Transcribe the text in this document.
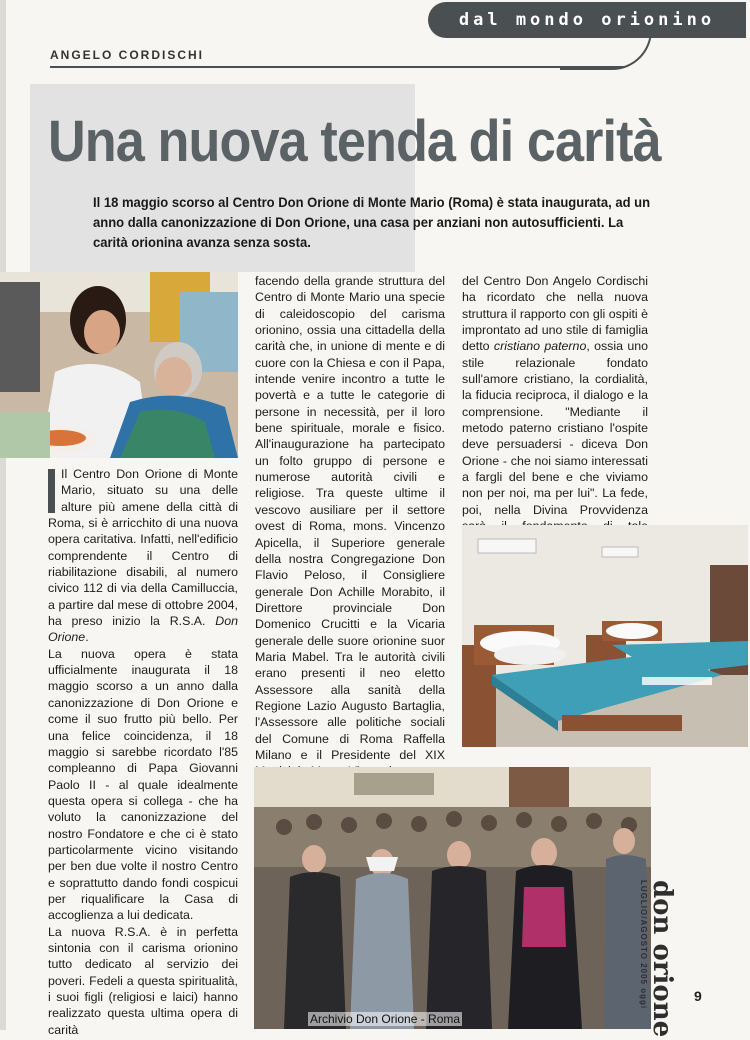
dal mondo orionino
ANGELO CORDISCHI
Una nuova tenda di carità

Il 18 maggio scorso al Centro Don Orione di Monte Mario (Roma) è stata inaugurata, ad un anno dalla canonizzazione di Don Orione, una casa per anziani non autosufficienti. La carità orionina avanza senza sosta.

Il Centro Don Orione di Monte Mario, situato su una delle alture più amene della città di Roma, si è arricchito di una nuova opera caritativa. Infatti, nell'edificio comprendente il Centro di riabilitazione disabili, al numero civico 112 di via della Camilluccia, a partire dal mese di ottobre 2004, ha preso inizio la R.S.A. Don Orione.

La nuova opera è stata ufficialmente inaugurata il 18 maggio scorso a un anno dalla canonizzazione di Don Orione e come il suo frutto più bello. Per una felice coincidenza, il 18 maggio si sarebbe ricordato l'85 compleanno di Papa Giovanni Paolo II - al quale idealmente questa opera si collega - che ha voluto la canonizzazione del nostro Fondatore e che ci è stato particolarmente vicino visitando per ben due volte il nostro Centro e soprattutto dando fondi cospicui per riqualificare la Casa di accoglienza a lui dedicata.

La nuova R.S.A. è in perfetta sintonia con il carisma orionino tutto dedicato al servizio dei poveri. Fedeli a questa spiritualità, i suoi figli (religiosi e laici) hanno realizzato questa ultima opera di carità

facendo della grande struttura del Centro di Monte Mario una specie di caleidoscopio del carisma orionino, ossia una cittadella della carità che, in unione di mente e di cuore con la Chiesa e con il Papa, intende venire incontro a tutte le povertà e a tutte le categorie di persone in necessità, per il loro bene spirituale, morale e fisico. All'inaugurazione ha partecipato un folto gruppo di persone e numerose autorità civili e religiose. Tra queste ultime il vescovo ausiliare per il settore ovest di Roma, mons. Vincenzo Apicella, il Superiore generale della nostra Congregazione Don Flavio Peloso, il Consigliere generale Don Achille Morabito, il Direttore provinciale Don Domenico Crucitti e la Vicaria generale delle suore orionine suor Maria Mabel. Tra le autorità civili erano presenti il neo eletto Assessore alla sanità della Regione Lazio Augusto Bartaglia, l'Assessore alle politiche sociali del Comune di Roma Raffella Milano e il Presidente del XIX

del Centro Don Angelo Cordischi ha ricordato che nella nuova struttura il rapporto con gli ospiti è improntato ad uno stile di famiglia detto cristiano paterno, ossia uno stile relazionale fondato sull'amore cristiano, la cordialità, la fiducia reciproca, il dialogo e la comprensione. "Mediante il metodo paterno cristiano l'ospite deve persuadersi - diceva Don Orione - che noi siamo interessati a fargli del bene e che viviamo non per noi, ma per lui". La fede, poi, nella Divina Provvidenza

don orione
LUGLIO/AGOSTO 2005 oggi	9
Archivio Don Orione - Roma
